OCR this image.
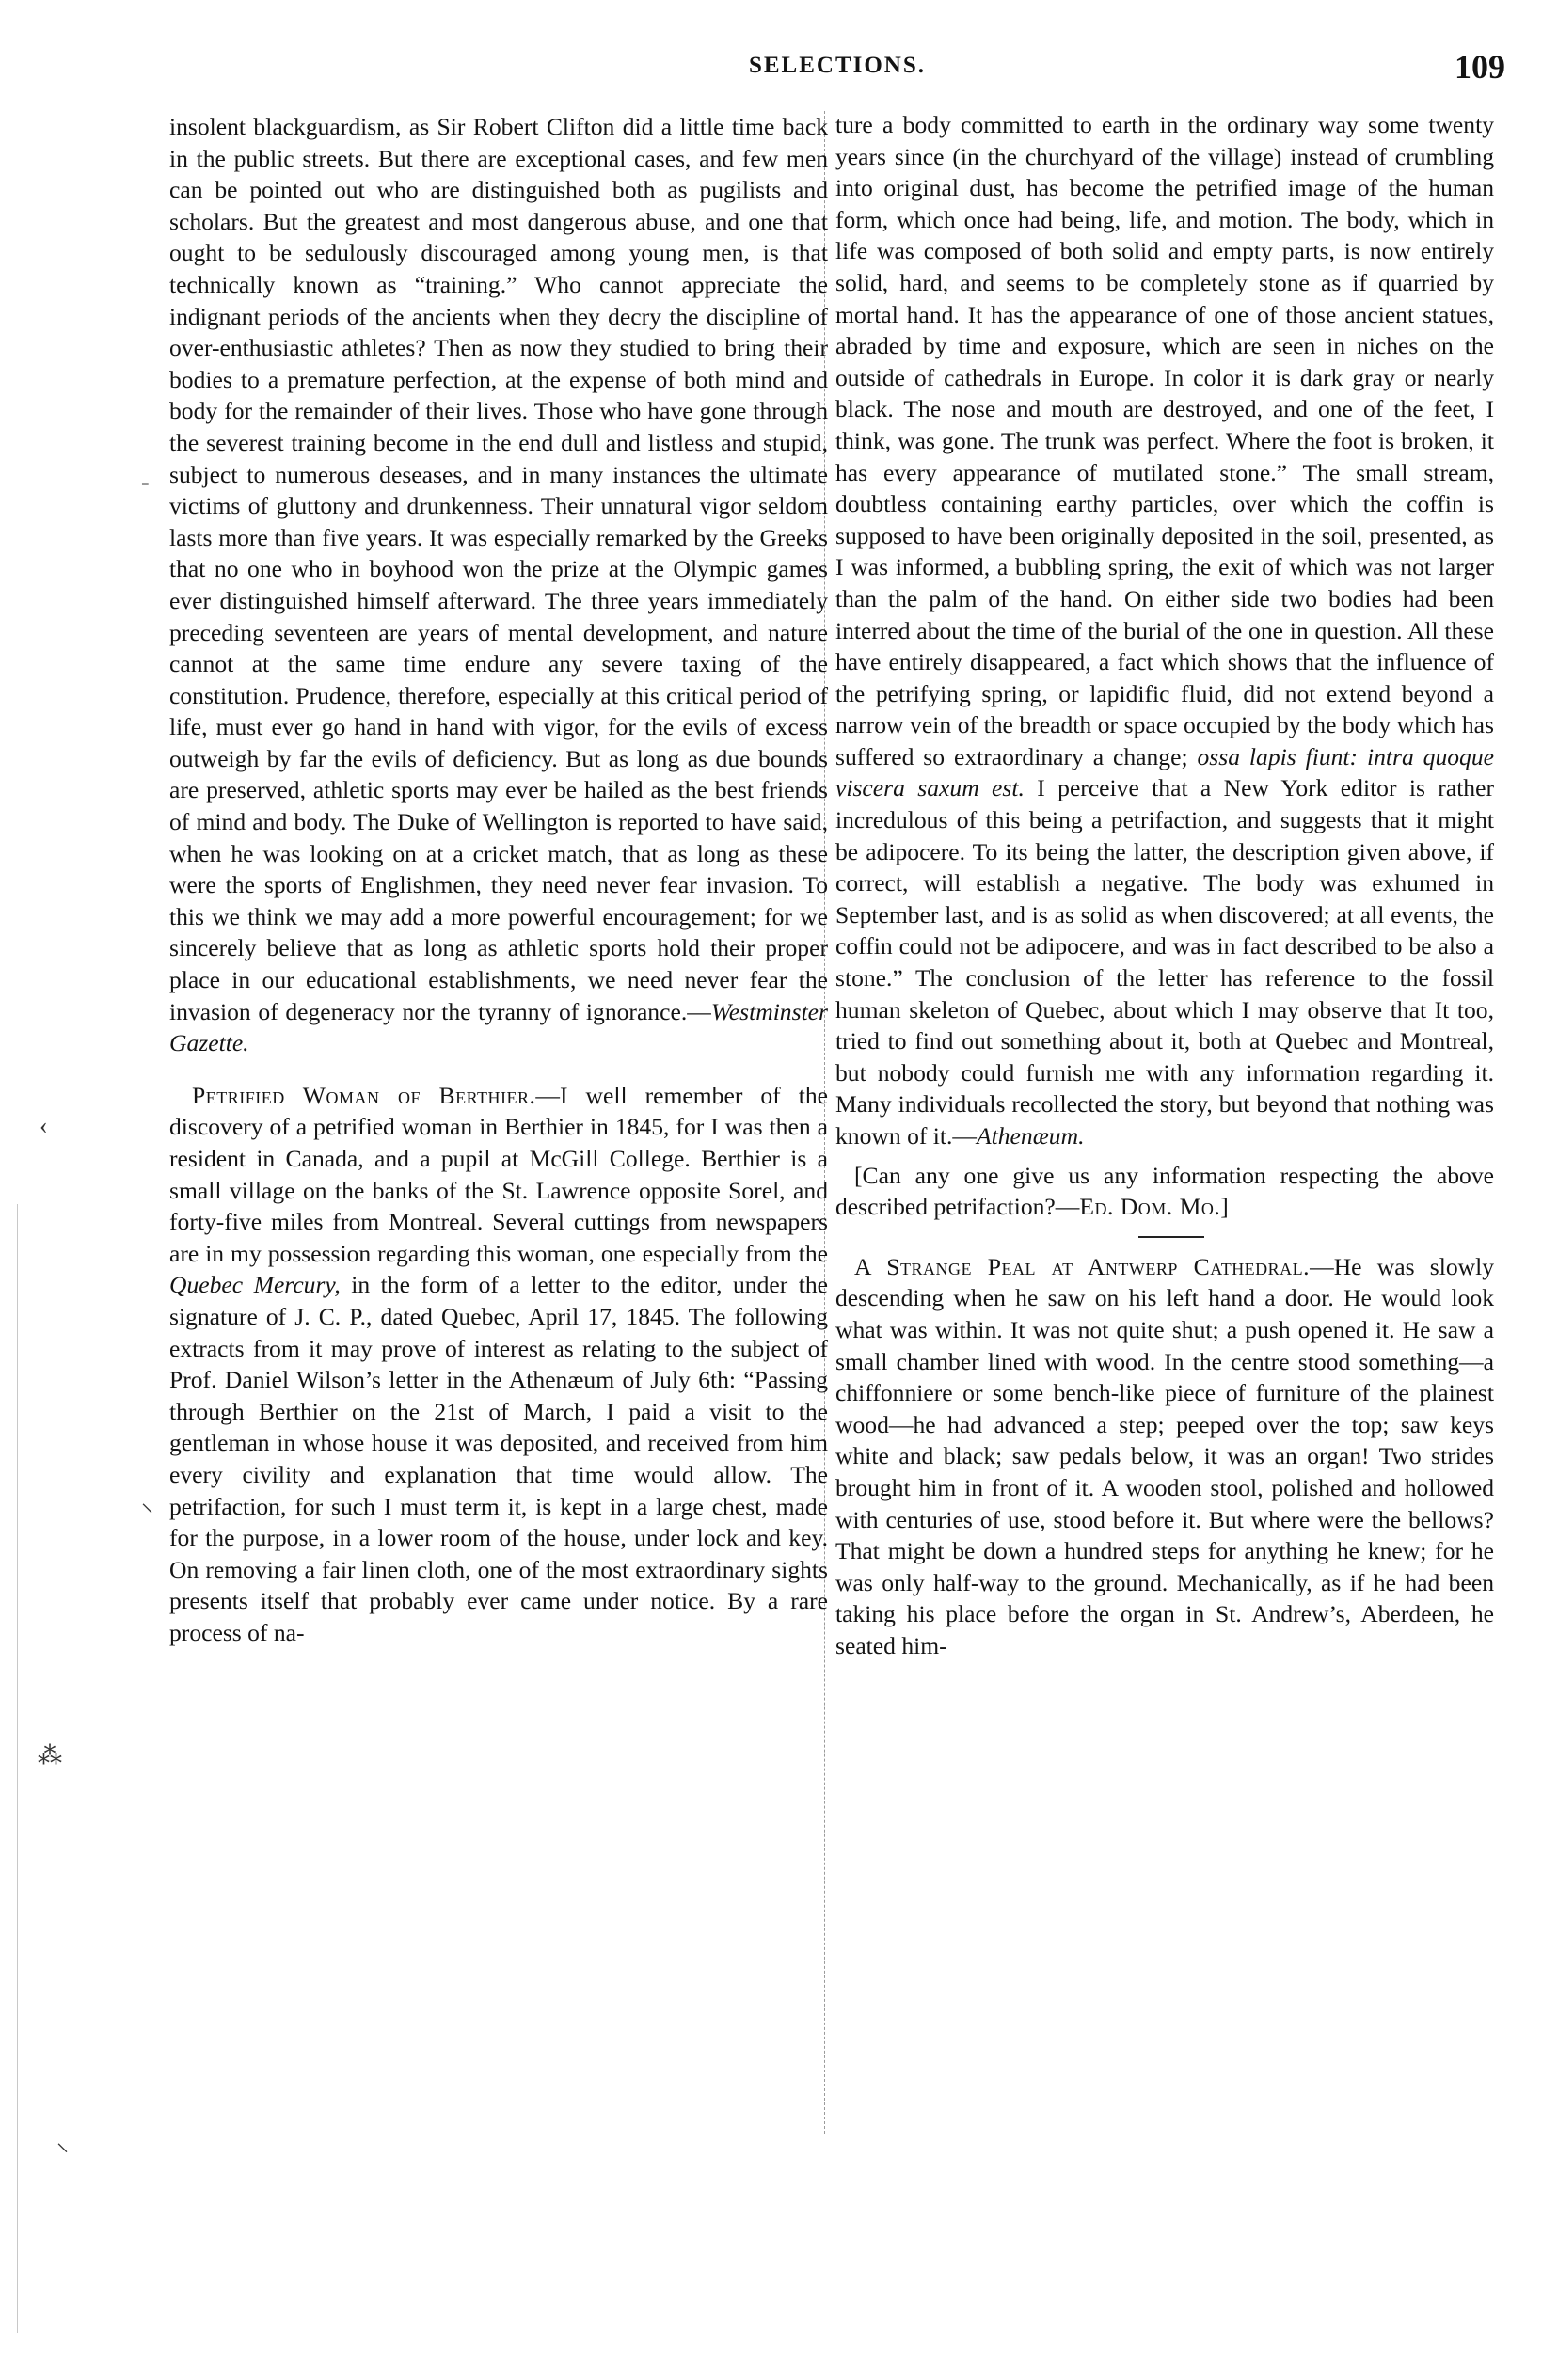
SELECTIONS.	109

insolent blackguardism, as Sir Robert Clifton did a little time back in the public streets. But there are exceptional cases, and few men can be pointed out who are distinguished both as pugilists and scholars. But the greatest and most dangerous abuse, and one that ought to be sedulously discouraged among young men, is that technically known as “training.” Who cannot appreciate the indignant periods of the ancients when they decry the discipline of over-enthusiastic athletes? Then as now they studied to bring their bodies to a premature perfection, at the expense of both mind and body for the remainder of their lives. Those who have gone through the severest training become in the end dull and listless and stupid, subject to numerous deseases, and in many instances the ultimate victims of gluttony and drunkenness. Their unnatural vigor seldom lasts more than five years. It was especially remarked by the Greeks that no one who in boyhood won the prize at the Olympic games ever distinguished himself afterward. The three years immediately preceding seventeen are years of mental development, and nature cannot at the same time endure any severe taxing of the constitution. Prudence, therefore, especially at this critical period of life, must ever go hand in hand with vigor, for the evils of excess outweigh by far the evils of deficiency. But as long as due bounds are preserved, athletic sports may ever be hailed as the best friends of mind and body. The Duke of Wellington is reported to have said, when he was looking on at a cricket match, that as long as these were the sports of Englishmen, they need never fear invasion. To this we think we may add a more powerful encouragement; for we sincerely believe that as long as athletic sports hold their proper place in our educational establishments, we need never fear the invasion of degeneracy nor the tyranny of ignorance.—Westminster Gazette.

Petrified Woman of Berthier.—I well remember of the discovery of a petrified woman in Berthier in 1845, for I was then a resident in Canada, and a pupil at McGill College. Berthier is a small village on the banks of the St. Lawrence opposite Sorel, and forty-five miles from Montreal. Several cuttings from newspapers are in my possession regarding this woman, one especially from the Quebec Mercury, in the form of a letter to the editor, under the signature of J. C. P., dated Quebec, April 17, 1845. The following extracts from it may prove of interest as relating to the subject of Prof. Daniel Wilson’s letter in the Athenæum of July 6th: “Passing through Berthier on the 21st of March, I paid a visit to the gentleman in whose house it was deposited, and received from him every civility and explanation that time would allow. The petrifaction, for such I must term it, is kept in a large chest, made for the purpose, in a lower room of the house, under lock and key. On removing a fair linen cloth, one of the most extraordinary sights presents itself that probably ever came under notice. By a rare process of na-

ture a body committed to earth in the ordinary way some twenty years since (in the churchyard of the village) instead of crumbling into original dust, has become the petrified image of the human form, which once had being, life, and motion. The body, which in life was composed of both solid and empty parts, is now entirely solid, hard, and seems to be completely stone as if quarried by mortal hand. It has the appearance of one of those ancient statues, abraded by time and exposure, which are seen in niches on the outside of cathedrals in Europe. In color it is dark gray or nearly black. The nose and mouth are destroyed, and one of the feet, I think, was gone. The trunk was perfect. Where the foot is broken, it has every appearance of mutilated stone.” The small stream, doubtless containing earthy particles, over which the coffin is supposed to have been originally deposited in the soil, presented, as I was informed, a bubbling spring, the exit of which was not larger than the palm of the hand. On either side two bodies had been interred about the time of the burial of the one in question. All these have entirely disappeared, a fact which shows that the influence of the petrifying spring, or lapidific fluid, did not extend beyond a narrow vein of the breadth or space occupied by the body which has suffered so extraordinary a change; ossa lapis fiunt: intra quoque viscera saxum est. I perceive that a New York editor is rather incredulous of this being a petrifaction, and suggests that it might be adipocere. To its being the latter, the description given above, if correct, will establish a negative. The body was exhumed in September last, and is as solid as when discovered; at all events, the coffin could not be adipocere, and was in fact described to be also a stone.” The conclusion of the letter has reference to the fossil human skeleton of Quebec, about which I may observe that It too, tried to find out something about it, both at Quebec and Montreal, but nobody could furnish me with any information regarding it. Many individuals recollected the story, but beyond that nothing was known of it.—Athenæum.

[Can any one give us any information respecting the above described petrifaction?—Ed. Dom. Mo.]

A Strange Peal at Antwerp Cathedral.—He was slowly descending when he saw on his left hand a door. He would look what was within. It was not quite shut; a push opened it. He saw a small chamber lined with wood. In the centre stood something—a chiffonniere or some bench-like piece of furniture of the plainest wood—he had advanced a step; peeped over the top; saw keys white and black; saw pedals below, it was an organ! Two strides brought him in front of it. A wooden stool, polished and hollowed with centuries of use, stood before it. But where were the bellows? That might be down a hundred steps for anything he knew; for he was only half-way to the ground. Mechanically, as if he had been taking his place before the organ in St. Andrew’s, Aberdeen, he seated him-

-
‹
⁂
⸜
⸜
